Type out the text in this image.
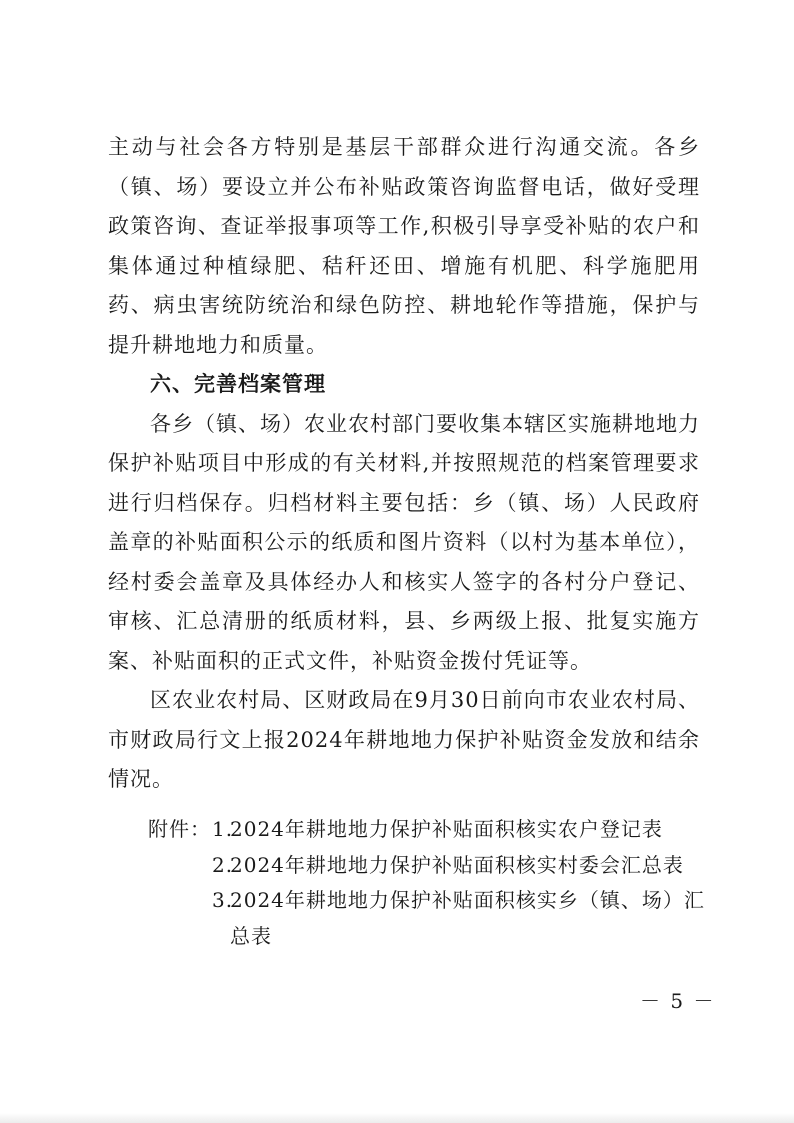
主动与社会各方特别是基层干部群众进行沟通交流。各乡（镇、场）要设立并公布补贴政策咨询监督电话，做好受理政策咨询、查证举报事项等工作,积极引导享受补贴的农户和集体通过种植绿肥、秸秆还田、增施有机肥、科学施肥用药、病虫害统防统治和绿色防控、耕地轮作等措施，保护与提升耕地地力和质量。

六、完善档案管理

各乡（镇、场）农业农村部门要收集本辖区实施耕地地力保护补贴项目中形成的有关材料,并按照规范的档案管理要求进行归档保存。归档材料主要包括：乡（镇、场）人民政府盖章的补贴面积公示的纸质和图片资料（以村为基本单位），经村委会盖章及具体经办人和核实人签字的各村分户登记、审核、汇总清册的纸质材料，县、乡两级上报、批复实施方案、补贴面积的正式文件，补贴资金拨付凭证等。

区农业农村局、区财政局在9月30日前向市农业农村局、市财政局行文上报2024年耕地地力保护补贴资金发放和结余情况。

附件： 1.
2024年耕地地力保护补贴面积核实农户登记表
2.
2024年耕地地力保护补贴面积核实村委会汇总表
3.
2024年耕地地力保护补贴面积核实乡（镇、场）汇总表
－ 5 －
